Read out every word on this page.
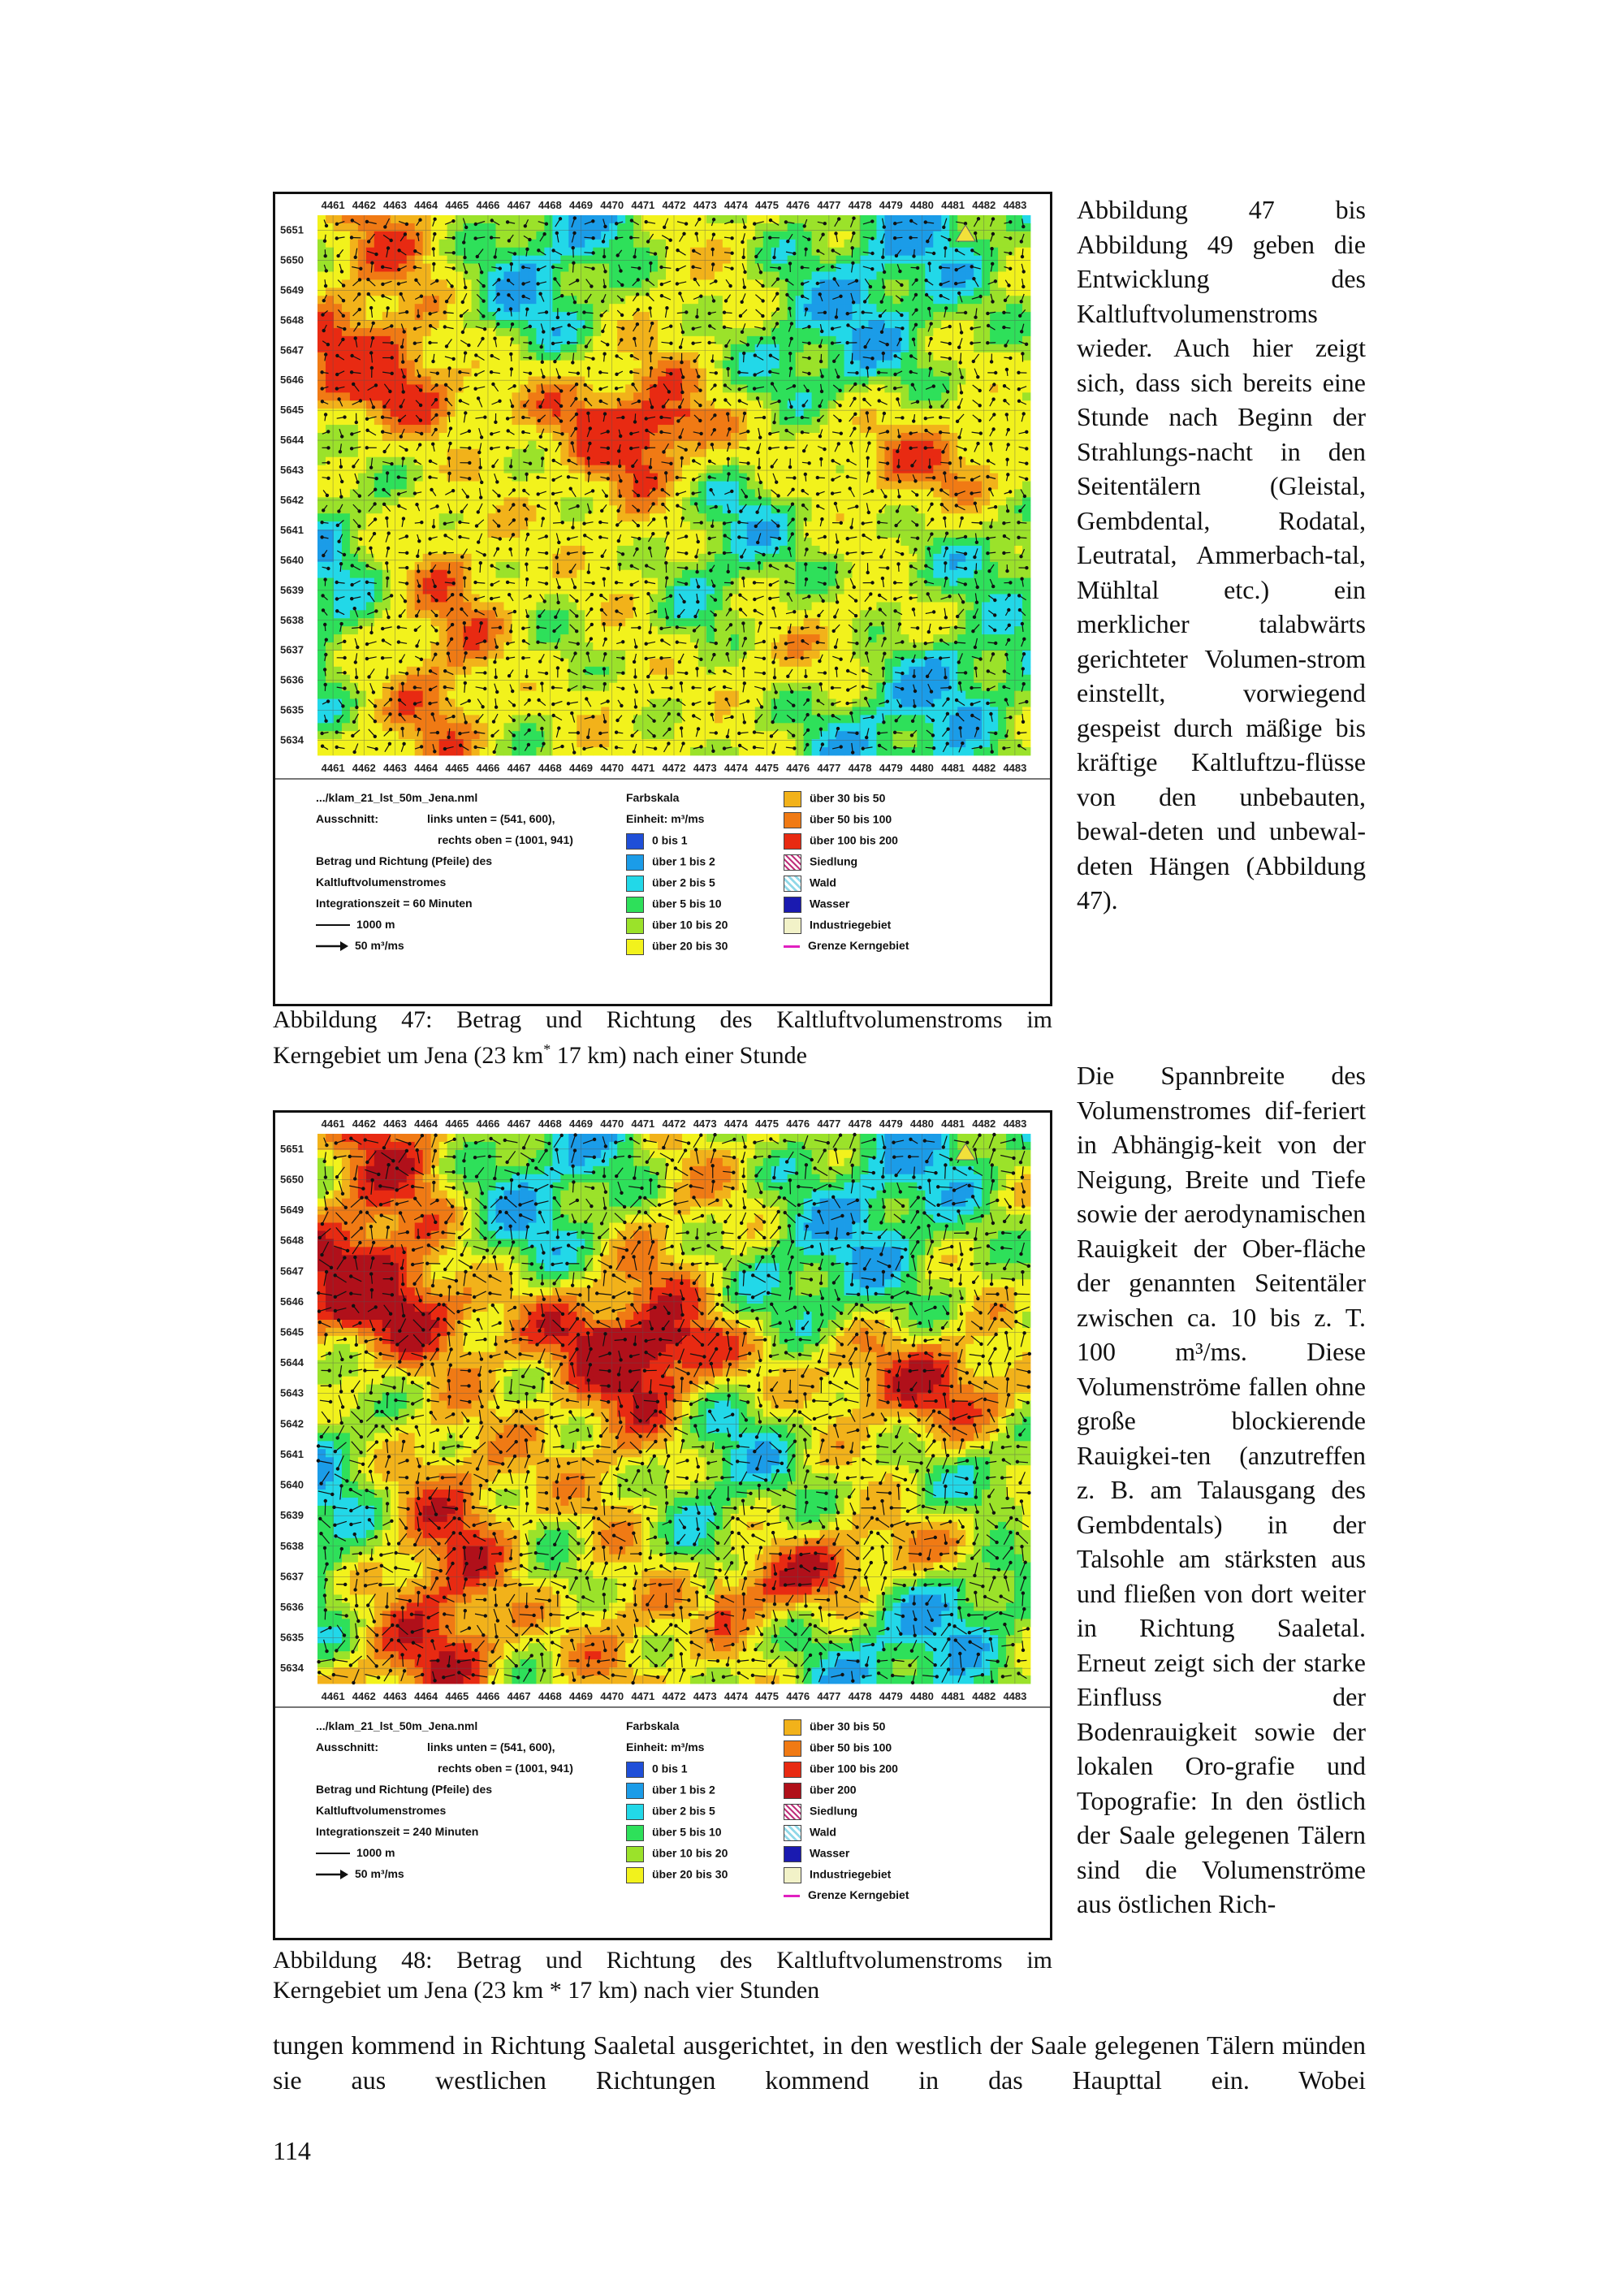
4461
4461
4462
4462
4463
4463
4464
4464
4465
4465
4466
4466
4467
4467
4468
4468
4469
4469
4470
4470
4471
4471
4472
4472
4473
4473
4474
4474
4475
4475
4476
4476
4477
4477
4478
4478
4479
4479
4480
4480
4481
4481
4482
4482
4483
4483
5651
5650
5649
5648
5647
5646
5645
5644
5643
5642
5641
5640
5639
5638
5637
5636
5635
5634
.../klam_21_lst_50m_Jena.nml
Ausschnitt:	links unten = (541, 600),
rechts oben = (1001, 941)
Betrag und Richtung (Pfeile) des
Kaltluftvolumenstromes
Integrationszeit = 60 Minuten
1000 m
50 m³/ms
Farbskala
Einheit: m³/ms
0 bis 1
über 1 bis 2
über 2 bis 5
über 5 bis 10
über 10 bis 20
über 20 bis 30
über 30 bis 50
über 50 bis 100
über 100 bis 200
Siedlung
Wald
Wasser
Industriegebiet
Grenze Kerngebiet
Abbildung 47: Betrag und Richtung des Kaltluftvolumenstroms im
Kerngebiet um Jena (23 km* 17 km) nach einer Stunde
4461
4461
4462
4462
4463
4463
4464
4464
4465
4465
4466
4466
4467
4467
4468
4468
4469
4469
4470
4470
4471
4471
4472
4472
4473
4473
4474
4474
4475
4475
4476
4476
4477
4477
4478
4478
4479
4479
4480
4480
4481
4481
4482
4482
4483
4483
5651
5650
5649
5648
5647
5646
5645
5644
5643
5642
5641
5640
5639
5638
5637
5636
5635
5634
.../klam_21_lst_50m_Jena.nml
Ausschnitt:	links unten = (541, 600),
rechts oben = (1001, 941)
Betrag und Richtung (Pfeile) des
Kaltluftvolumenstromes
Integrationszeit = 240 Minuten
1000 m
50 m³/ms
Farbskala
Einheit: m³/ms
0 bis 1
über 1 bis 2
über 2 bis 5
über 5 bis 10
über 10 bis 20
über 20 bis 30
über 30 bis 50
über 50 bis 100
über 100 bis 200
über 200
Siedlung
Wald
Wasser
Industriegebiet
Grenze Kerngebiet
Abbildung 48: Betrag und Richtung des Kaltluftvolumenstroms im
Kerngebiet um Jena (23 km * 17 km) nach vier Stunden

Abbildung 47 bis Abbildung 49 geben die Entwicklung des Kaltluftvolumenstroms wieder. Auch hier zeigt sich, dass sich bereits eine Stunde nach Beginn der Strahlungs-nacht in den Seitentälern (Gleistal, Gembdental, Rodatal, Leutratal, Ammerbach-tal, Mühltal etc.) ein merklicher talabwärts gerichteter Volumen-strom einstellt, vorwiegend gespeist durch mäßige bis kräftige Kaltluftzu-flüsse von den unbebauten, bewal-deten und unbewal-deten Hängen (Abbildung 47).

Die Spannbreite des Volumenstromes dif-feriert in Abhängig-keit von der Neigung, Breite und Tiefe sowie der aerodynamischen Rauigkeit der Ober-fläche der genannten Seitentäler zwischen ca. 10 bis z. T. 100 m³/ms. Diese Volumenströme fallen ohne große blockierende Rauigkei-ten (anzutreffen z. B. am Talausgang des Gembdentals) in der Talsohle am stärksten aus und fließen von dort weiter in Richtung Saaletal. Erneut zeigt sich der starke Einfluss der Bodenrauigkeit sowie der lokalen Oro-grafie und Topografie: In den östlich der Saale gelegenen Tälern sind die Volumenströme aus östlichen Rich-

tungen kommend in Richtung Saaletal ausgerichtet, in den westlich der Saale gelegenen Tälern münden sie aus westlichen Richtungen kommend in das Haupttal ein. Wobei

114
